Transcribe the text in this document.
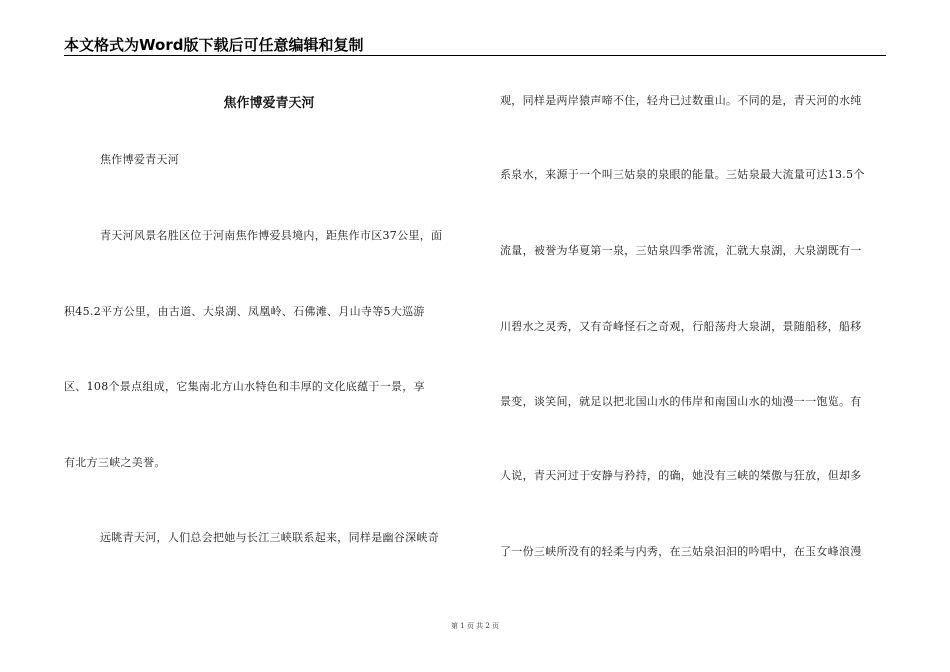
本文格式为Word版下载后可任意编辑和复制
焦作博爱青天河
焦作博爱青天河
青天河风景名胜区位于河南焦作博爱县境内，距焦作市区37公里，面
积45.2平方公里，由古道、大泉湖、凤凰岭、石佛滩、月山寺等5大巡游
区、108个景点组成，它集南北方山水特色和丰厚的文化底蕴于一景，享
有北方三峡之美誉。
远眺青天河，人们总会把她与长江三峡联系起来，同样是幽谷深峡奇
观，同样是两岸猿声啼不住，轻舟已过数重山。不同的是，青天河的水纯
系泉水，来源于一个叫三姑泉的泉眼的能量。三姑泉最大流量可达13.5个
流量，被誉为华夏第一泉，三姑泉四季常流，汇就大泉湖，大泉湖既有一
川碧水之灵秀，又有奇峰怪石之奇观，行船荡舟大泉湖，景随船移，船移
景变，谈笑间，就足以把北国山水的伟岸和南国山水的灿漫一一饱览。有
人说，青天河过于安静与矜持，的确，她没有三峡的桀傲与狂放，但却多
了一份三峡所没有的轻柔与内秀，在三姑泉汩汩的吟唱中，在玉女峰浪漫
第 1 页 共 2 页
